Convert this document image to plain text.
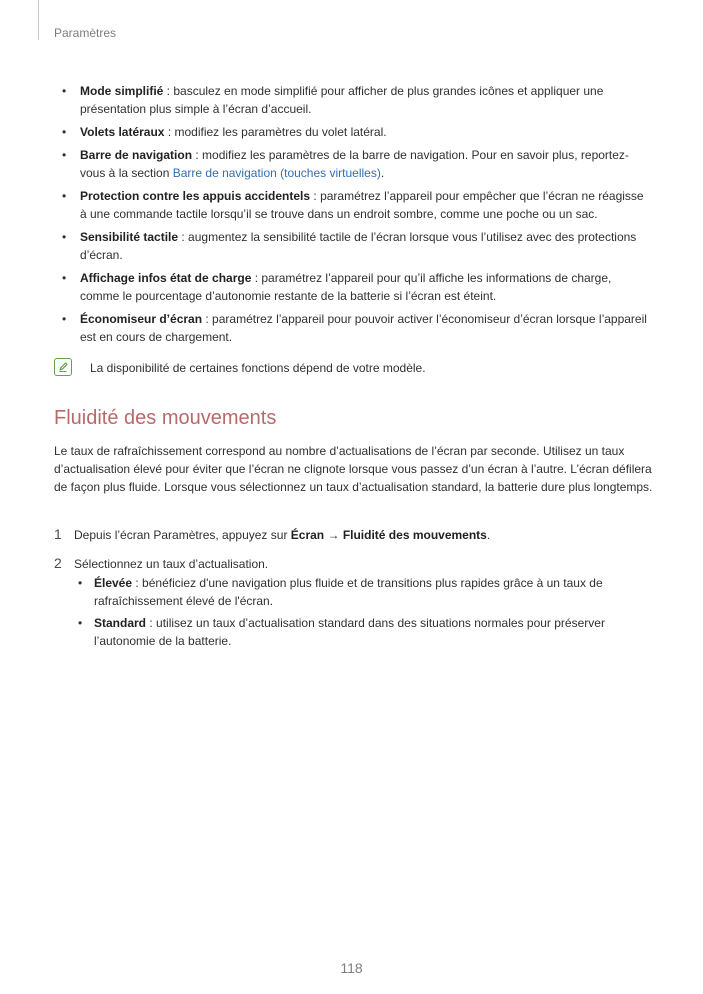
Paramètres
• Mode simplifié : basculez en mode simplifié pour afficher de plus grandes icônes et appliquer une présentation plus simple à l’écran d’accueil.
• Volets latéraux : modifiez les paramètres du volet latéral.
• Barre de navigation : modifiez les paramètres de la barre de navigation. Pour en savoir plus, reportez-vous à la section Barre de navigation (touches virtuelles).
• Protection contre les appuis accidentels : paramétrez l’appareil pour empêcher que l’écran ne réagisse à une commande tactile lorsqu’il se trouve dans un endroit sombre, comme une poche ou un sac.
• Sensibilité tactile : augmentez la sensibilité tactile de l’écran lorsque vous l’utilisez avec des protections d’écran.
• Affichage infos état de charge : paramétrez l’appareil pour qu’il affiche les informations de charge, comme le pourcentage d’autonomie restante de la batterie si l’écran est éteint.
• Économiseur d’écran : paramétrez l’appareil pour pouvoir activer l’économiseur d’écran lorsque l’appareil est en cours de chargement.
La disponibilité de certaines fonctions dépend de votre modèle.
Fluidité des mouvements
Le taux de rafraîchissement correspond au nombre d’actualisations de l’écran par seconde. Utilisez un taux d’actualisation élevé pour éviter que l’écran ne clignote lorsque vous passez d’un écran à l’autre. L’écran défilera de façon plus fluide. Lorsque vous sélectionnez un taux d’actualisation standard, la batterie dure plus longtemps.
1 Depuis l’écran Paramètres, appuyez sur Écran → Fluidité des mouvements.
2 Sélectionnez un taux d’actualisation.
• Élevée : bénéficiez d'une navigation plus fluide et de transitions plus rapides grâce à un taux de rafraîchissement élevé de l'écran.
• Standard : utilisez un taux d’actualisation standard dans des situations normales pour préserver l’autonomie de la batterie.
118
